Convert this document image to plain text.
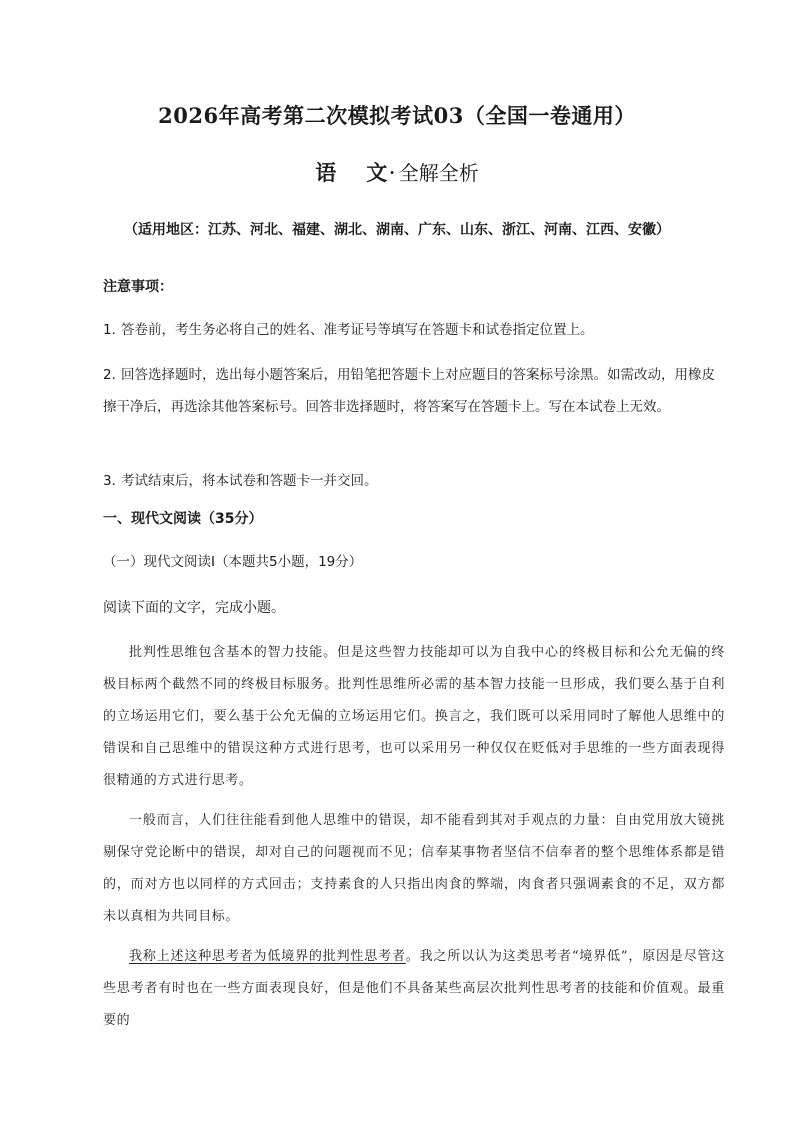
2026年高考第二次模拟考试03（全国一卷通用）
语 文 · 全解全析
（适用地区：江苏、河北、福建、湖北、湖南、广东、山东、浙江、河南、江西、安徽）
注意事项：
1．答卷前，考生务必将自己的姓名、准考证号等填写在答题卡和试卷指定位置上。
2．回答选择题时，选出每小题答案后，用铅笔把答题卡上对应题目的答案标号涂黑。如需改动，用橡皮擦干净后，再选涂其他答案标号。回答非选择题时，将答案写在答题卡上。写在本试卷上无效。
3．考试结束后，将本试卷和答题卡一并交回。
一、现代文阅读（35分）
（一）现代文阅读Ⅰ（本题共5小题，19分）
阅读下面的文字，完成小题。
批判性思维包含基本的智力技能。但是这些智力技能却可以为自我中心的终极目标和公允无偏的终极目标两个截然不同的终极目标服务。批判性思维所必需的基本智力技能一旦形成，我们要么基于自利的立场运用它们，要么基于公允无偏的立场运用它们。换言之，我们既可以采用同时了解他人思维中的错误和自己思维中的错误这种方式进行思考，也可以采用另一种仅仅在贬低对手思维的一些方面表现得很精通的方式进行思考。
一般而言，人们往往能看到他人思维中的错误，却不能看到其对手观点的力量：自由党用放大镜挑剔保守党论断中的错误，却对自己的问题视而不见；信奉某事物者坚信不信奉者的整个思维体系都是错的，而对方也以同样的方式回击；支持素食的人只指出肉食的弊端，肉食者只强调素食的不足，双方都未以真相为共同目标。
我称上述这种思考者为低境界的批判性思考者。我之所以认为这类思考者“境界低”，原因是尽管这些思考者有时也在一些方面表现良好，但是他们不具备某些高层次批判性思考者的技能和价值观。最重要的
